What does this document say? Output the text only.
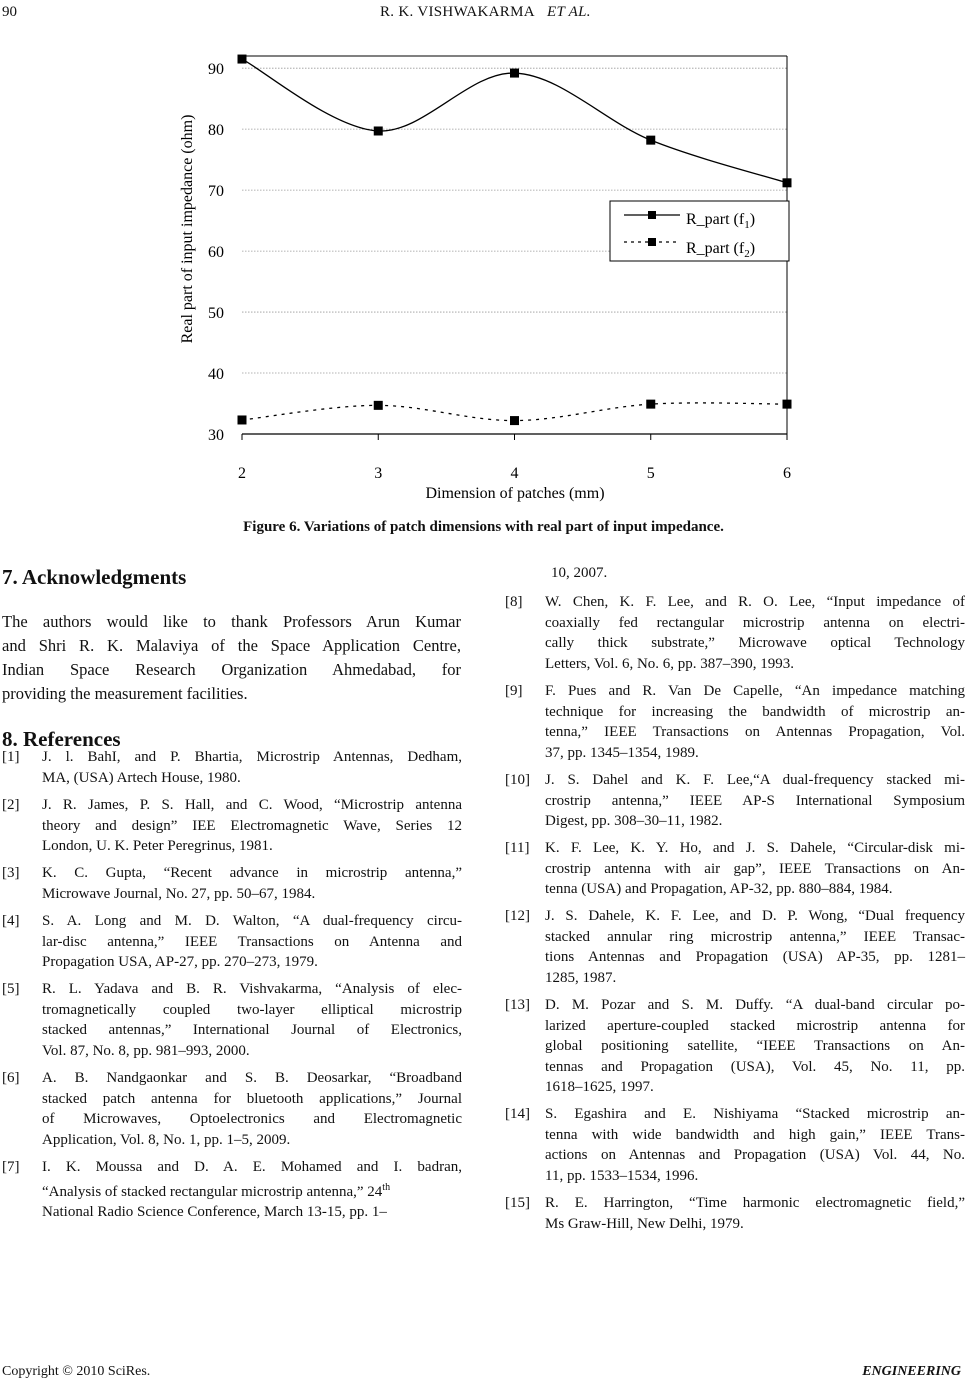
90	R. K. VISHWAKARMA ET AL.
30
40
50
60
70
80
90
2	3	4	5	6
R_part $(f_1)$
R_part $(f_2)$
Dimension of patches (mm)
Real part of input impedance (ohm)
Figure 6. Variations of patch dimensions with real part of input impedance.
7. Acknowledgments
The authors would like to thank Professors Arun Kumar
and Shri R. K. Malaviya of the Space Application Centre,
Indian Space Research Organization Ahmedabad, for
providing the measurement facilities.
8. References
[1] J. l. BahI, and P. Bhartia, Microstrip Antennas, Dedham,
MA, (USA) Artech House, 1980.
[2] J. R. James, P. S. Hall, and C. Wood, “Microstrip antenna
theory and design” IEE Electromagnetic Wave, Series 12
London, U. K. Peter Peregrinus, 1981.
[3] K. C. Gupta, “Recent advance in microstrip antenna,”
Microwave Journal, No. 27, pp. 50–67, 1984.
[4] S. A. Long and M. D. Walton, “A dual-frequency circu-
lar-disc antenna,” IEEE Transactions on Antenna and
Propagation USA, AP-27, pp. 270–273, 1979.
[5] R. L. Yadava and B. R. Vishvakarma, “Analysis of elec-
tromagnetically coupled two-layer elliptical microstrip
stacked antennas,” International Journal of Electronics,
Vol. 87, No. 8, pp. 981–993, 2000.
[6] A. B. Nandgaonkar and S. B. Deosarkar, “Broadband
stacked patch antenna for bluetooth applications,” Journal
of Microwaves, Optoelectronics and Electromagnetic
Application, Vol. 8, No. 1, pp. 1–5, 2009.
[7] I. K. Moussa and D. A. E. Mohamed and I. badran,
“Analysis of stacked rectangular microstrip antenna,” 24th
National Radio Science Conference, March 13-15, pp. 1–
[8] W. Chen, K. F. Lee, and R. O. Lee, “Input impedance of
coaxially fed rectangular microstrip antenna on electri-
cally thick substrate,” Microwave optical Technology
Letters, Vol. 6, No. 6, pp. 387–390, 1993.
[9] F. Pues and R. Van De Capelle, “An impedance matching
technique for increasing the bandwidth of microstrip an-
tenna,” IEEE Transactions on Antennas Propagation, Vol.
37, pp. 1345–1354, 1989.
[10] J. S. Dahel and K. F. Lee,“A dual-frequency stacked mi-
crostrip antenna,” IEEE AP-S International Symposium
Digest, pp. 308–30–11, 1982.
[11] K. F. Lee, K. Y. Ho, and J. S. Dahele, “Circular-disk mi-
crostrip antenna with air gap”, IEEE Transactions on An-
tenna (USA) and Propagation, AP-32, pp. 880–884, 1984.
[12] J. S. Dahele, K. F. Lee, and D. P. Wong, “Dual frequency
stacked annular ring microstrip antenna,” IEEE Transac-
tions Antennas and Propagation (USA) AP-35, pp. 1281–
1285, 1987.
[13] D. M. Pozar and S. M. Duffy. “A dual-band circular po-
larized aperture-coupled stacked microstrip antenna for
global positioning satellite, “IEEE Transactions on An-
tennas and Propagation (USA), Vol. 45, No. 11, pp.
1618–1625, 1997.
[14] S. Egashira and E. Nishiyama “Stacked microstrip an-
tenna with wide bandwidth and high gain,” IEEE Trans-
actions on Antennas and Propagation (USA) Vol. 44, No.
11, pp. 1533–1534, 1996.
[15] R. E. Harrington, “Time harmonic electromagnetic field,”
Ms Graw-Hill, New Delhi, 1979.
10, 2007.
Copyright © 2010 SciRes.	ENGINEERING
